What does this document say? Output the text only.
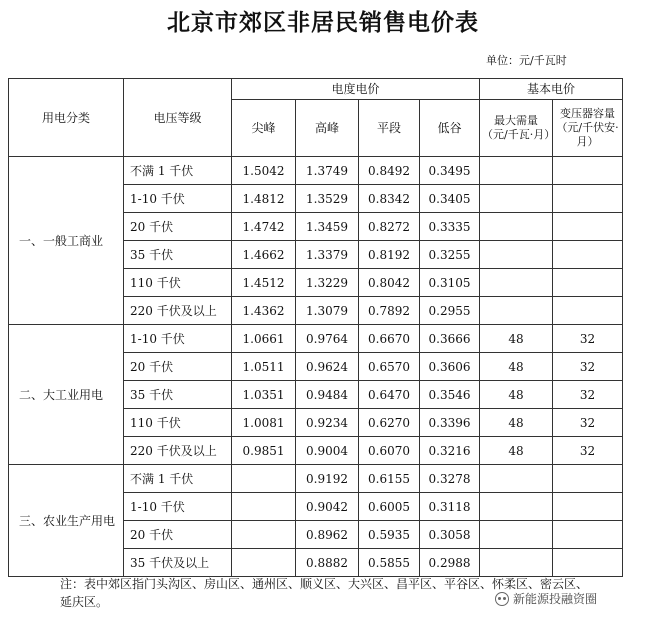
北京市郊区非居民销售电价表
单位：元/千瓦时
用电分类	电压等级	电度电价				基本电价	
		尖峰	高峰	平段	低谷	最大需量（元/千瓦·月）	变压器容量（元/千伏安·月）
一、一般工商业	不满 1 千伏	1.5042	1.3749	0.8492	0.3495		
	1-10 千伏	1.4812	1.3529	0.8342	0.3405		
	20 千伏	1.4742	1.3459	0.8272	0.3335		
	35 千伏	1.4662	1.3379	0.8192	0.3255		
	110 千伏	1.4512	1.3229	0.8042	0.3105		
	220 千伏及以上	1.4362	1.3079	0.7892	0.2955		
二、大工业用电	1-10 千伏	1.0661	0.9764	0.6670	0.3666	48	32
	20 千伏	1.0511	0.9624	0.6570	0.3606	48	32
	35 千伏	1.0351	0.9484	0.6470	0.3546	48	32
	110 千伏	1.0081	0.9234	0.6270	0.3396	48	32
	220 千伏及以上	0.9851	0.9004	0.6070	0.3216	48	32
三、农业生产用电	不满 1 千伏		0.9192	0.6155	0.3278		
	1-10 千伏		0.9042	0.6005	0.3118		
	20 千伏		0.8962	0.5935	0.3058		
	35 千伏及以上		0.8882	0.5855	0.2988		
注：表中郊区指门头沟区、房山区、通州区、顺义区、大兴区、昌平区、平谷区、怀柔区、密云区、延庆区。	新能源投融资圈
